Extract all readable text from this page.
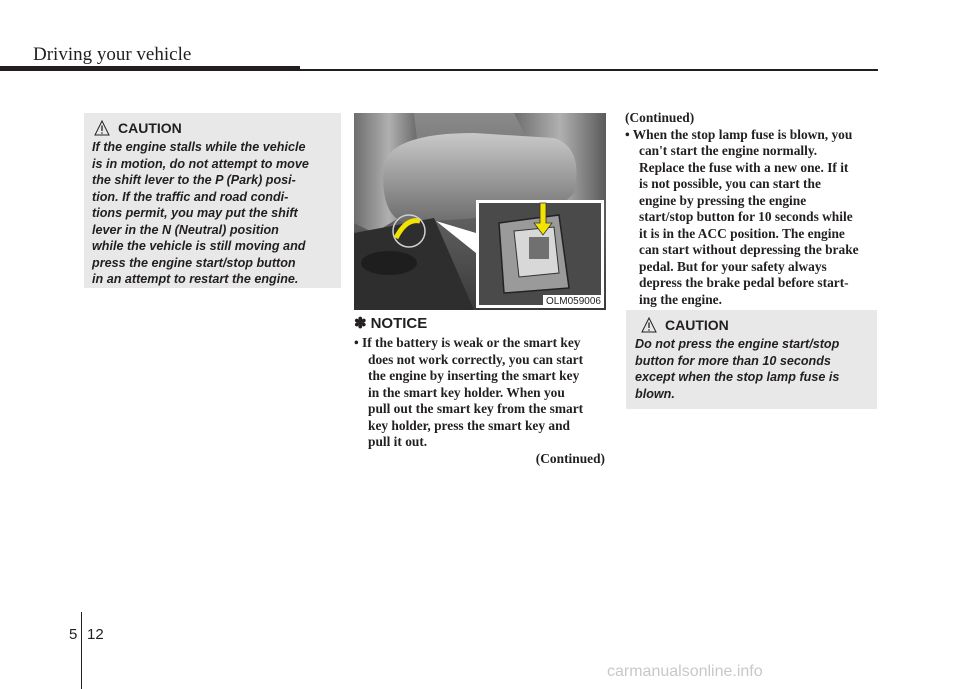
Driving your vehicle
CAUTION
If the engine stalls while the vehicle
is in motion, do not attempt to move
the shift lever to the P (Park) posi-
tion. If the traffic and road condi-
tions permit, you may put the shift
lever in the N (Neutral) position
while the vehicle is still moving and
press the engine start/stop button
in an attempt to restart the engine.
OLM059006
✽ NOTICE
• If the battery is weak or the smart key
does not work correctly, you can start
the engine by inserting the smart key
in the smart key holder. When you
pull out the smart key from the smart
key holder, press the smart key and
pull it out.
(Continued)
(Continued)
• When the stop lamp fuse is blown, you
can't start the engine normally.
Replace the fuse with a new one. If it
is not possible, you can start the
engine by pressing the engine
start/stop button for 10 seconds while
it is in the ACC position. The engine
can start without depressing the brake
pedal. But for your safety always
depress the brake pedal before start-
ing the engine.
CAUTION
Do not press the engine start/stop
button for more than 10 seconds
except when the stop lamp fuse is
blown.
5 12
carmanualsonline.info
